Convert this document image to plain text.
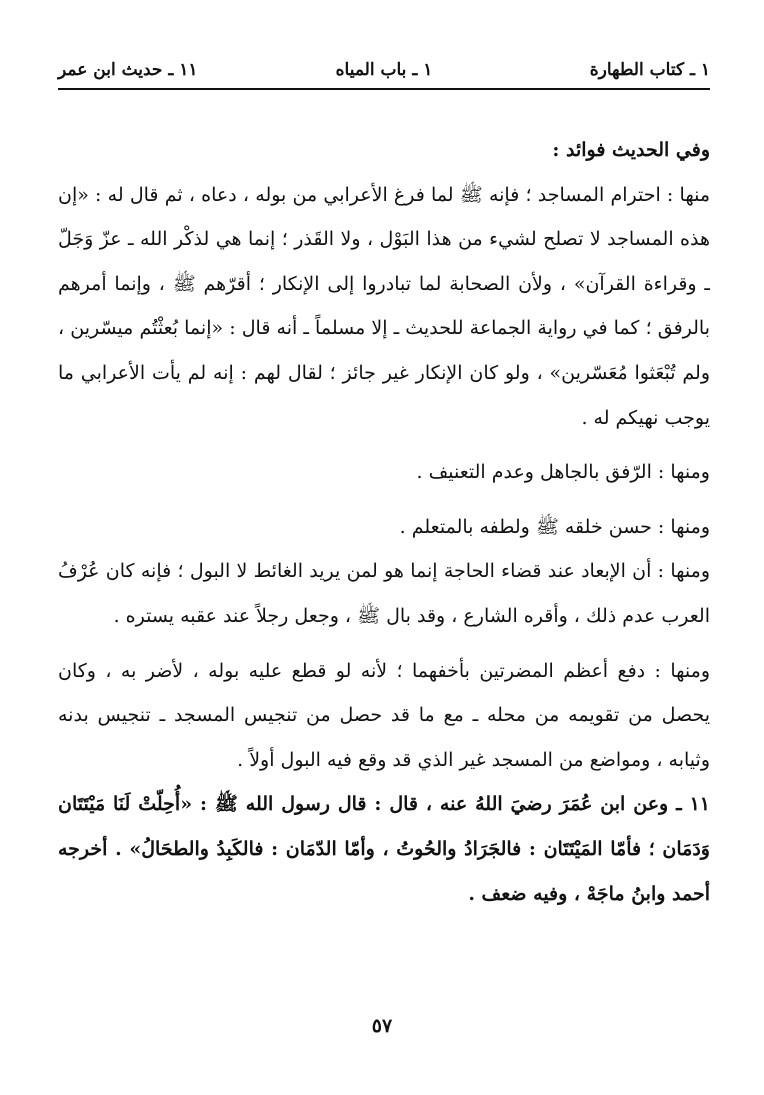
١ ـ كتاب الطهارة
١ ـ باب المياه
١١ ـ حديث ابن عمر

وفي الحديث فوائد :

منها : احترام المساجد ؛ فإنه ﷺ لما فرغ الأعرابي من بوله ، دعاه ، ثم قال له : «إن هذه المساجد لا تصلح لشيء من هذا البَوْل ، ولا القَذر ؛ إنما هي لذكْر الله ـ عزّ وَجَلّ ـ وقراءة القرآن» ، ولأن الصحابة لما تبادروا إلى الإنكار ؛ أقرّهم ﷺ ، وإنما أمرهم بالرفق ؛ كما في رواية الجماعة للحديث ـ إلا مسلماً ـ أنه قال : «إنما بُعثْتُم ميسّرين ، ولم تُبْعَثوا مُعَسّرين» ، ولو كان الإنكار غير جائز ؛ لقال لهم : إنه لم يأت الأعرابي ما يوجب نهيكم له .

ومنها : الرّفق بالجاهل وعدم التعنيف .

ومنها : حسن خلقه ﷺ ولطفه بالمتعلم .

ومنها : أن الإبعاد عند قضاء الحاجة إنما هو لمن يريد الغائط لا البول ؛ فإنه كان عُرْفُ العرب عدم ذلك ، وأقره الشارع ، وقد بال ﷺ ، وجعل رجلاً عند عقبه يستره .

ومنها : دفع أعظم المضرتين بأخفهما ؛ لأنه لو قطع عليه بوله ، لأضر به ، وكان يحصل من تقويمه من محله ـ مع ما قد حصل من تنجيس المسجد ـ تنجيس بدنه وثيابه ، ومواضع من المسجد غير الذي قد وقع فيه البول أولاً .

١١ ـ وعن ابن عُمَرَ رضيَ اللهُ عنه ، قال : قال رسول الله ﷺ : «أُحِلّتْ لَنَا مَيْتَتَان وَدَمَان ؛ فأمّا المَيْتَتَان : فالجَرَادُ والحُوتُ ، وأمّا الدّمَان : فالكَبِدُ والطحَالُ» . أخرجه أحمد وابنُ ماجَهْ ، وفيه ضعف .

٥٧
